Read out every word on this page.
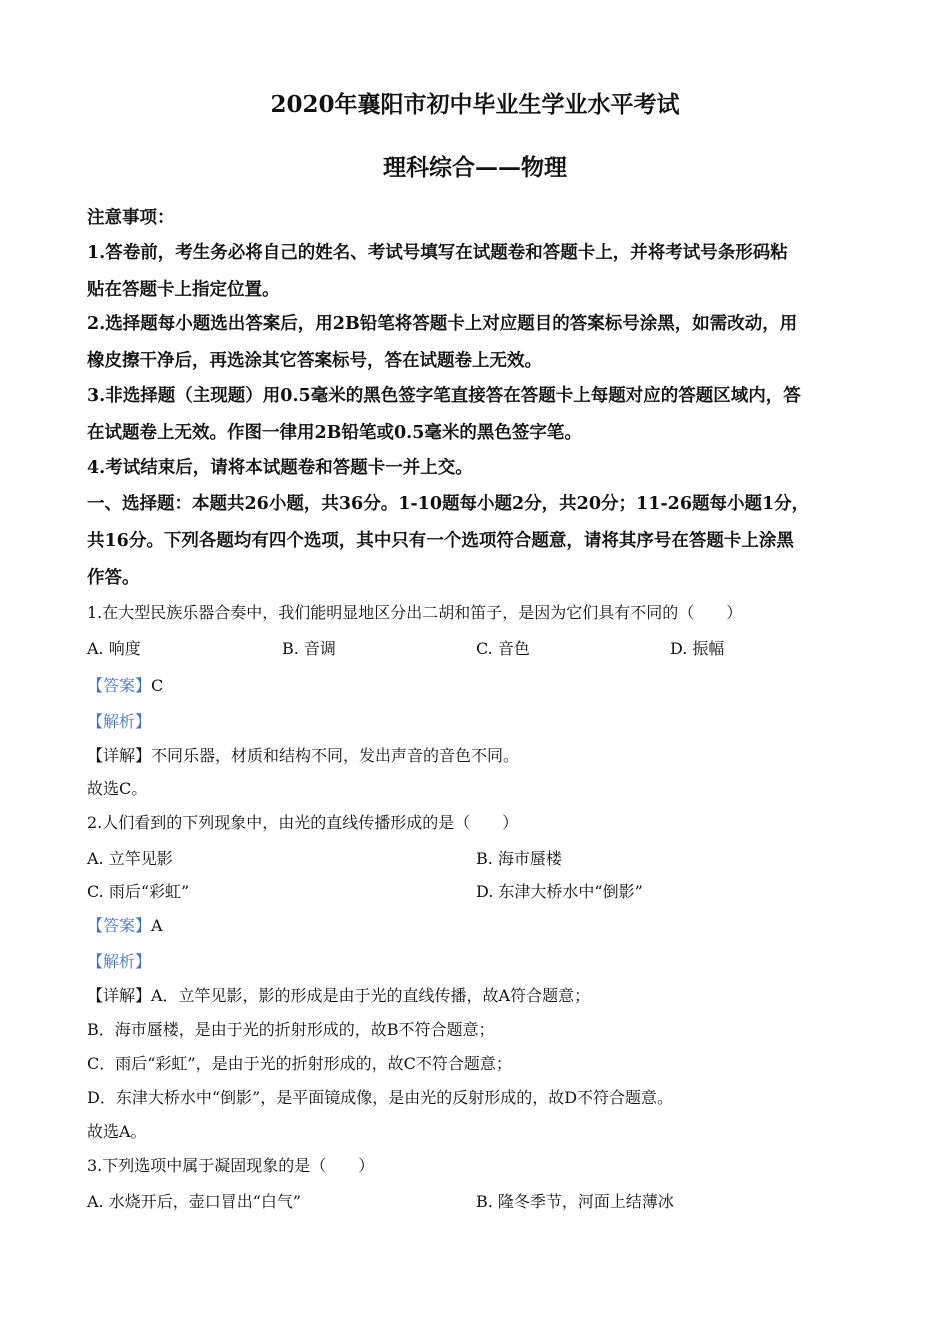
2020年襄阳市初中毕业生学业水平考试
理科综合——物理
注意事项：
1.答卷前，考生务必将自己的姓名、考试号填写在试题卷和答题卡上，并将考试号条形码粘
贴在答题卡上指定位置。
2.选择题每小题选出答案后，用2B铅笔将答题卡上对应题目的答案标号涂黑，如需改动，用
橡皮擦干净后，再选涂其它答案标号，答在试题卷上无效。
3.非选择题（主现题）用0.5毫米的黑色签字笔直接答在答题卡上每题对应的答题区域内，答
在试题卷上无效。作图一律用2B铅笔或0.5毫米的黑色签字笔。
4.考试结束后，请将本试题卷和答题卡一并上交。
一、选择题：本题共26小题，共36分。1-10题每小题2分，共20分；11-26题每小题1分，
共16分。下列各题均有四个选项，其中只有一个选项符合题意，请将其序号在答题卡上涂黑
作答。
1.在大型民族乐器合奏中，我们能明显地区分出二胡和笛子，是因为它们具有不同的（　　）
A. 响度	B. 音调	C. 音色	D. 振幅
【答案】C
【解析】
【详解】不同乐器，材质和结构不同，发出声音的音色不同。
故选C。
2.人们看到的下列现象中，由光的直线传播形成的是（　　）
A. 立竿见影	B. 海市蜃楼
C. 雨后“彩虹”	D. 东津大桥水中“倒影”
【答案】A
【解析】
【详解】A．立竿见影，影的形成是由于光的直线传播，故A符合题意；
B．海市蜃楼，是由于光的折射形成的，故B不符合题意；
C．雨后“彩虹”，是由于光的折射形成的，故C不符合题意；
D．东津大桥水中“倒影”，是平面镜成像，是由光的反射形成的，故D不符合题意。
故选A。
3.下列选项中属于凝固现象的是（　　）
A. 水烧开后，壶口冒出“白气”	B. 隆冬季节，河面上结薄冰
